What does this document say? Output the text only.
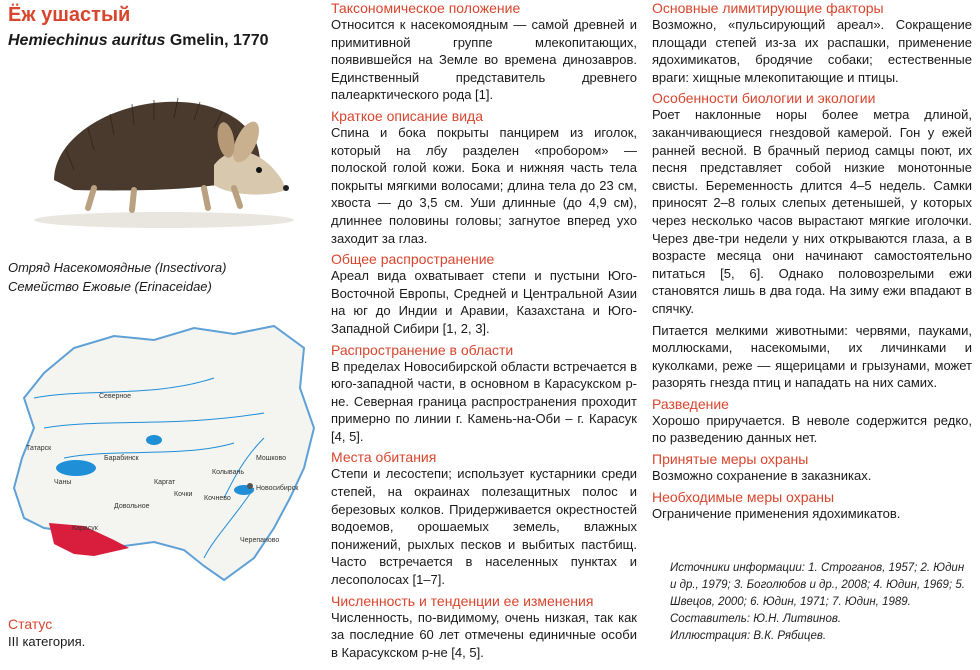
Ёж ушастый
Hemiechinus auritus Gmelin, 1770
Отряд Насекомоядные (Insectivora)
Семейство Ежовые (Erinaceidae)
Северное
Татарск
Барабинск
Колывань
Мошково
Новосибирск
Каргат
Кочки
Черепаново
Карасук
Чаны
Кочнево
Довольное
Статус
III категория.
Таксономическое положение
Относится к насекомоядным — самой древней и примитивной группе млекопитающих, появившейся на Земле во времена динозавров. Единственный представитель древнего палеарктического рода [1].
Краткое описание вида
Спина и бока покрыты панцирем из иголок, который на лбу разделен «пробором» — полоской голой кожи. Бока и нижняя часть тела покрыты мягкими волосами; длина тела до 23 см, хвоста — до 3,5 см. Уши длинные (до 4,9 см), длиннее половины головы; загнутое вперед ухо заходит за глаз.
Общее распространение
Ареал вида охватывает степи и пустыни Юго-Восточной Европы, Средней и Центральной Азии на юг до Индии и Аравии, Казахстана и Юго-Западной Сибири [1, 2, 3].
Распространение в области
В пределах Новосибирской области встречается в юго-западной части, в основном в Карасукском р-не. Северная граница распространения проходит примерно по линии г. Камень-на-Оби – г. Карасук [4, 5].
Места обитания
Степи и лесостепи; использует кустарники среди степей, на окраинах полезащитных полос и березовых колков. Придерживается окрестностей водоемов, орошаемых земель, влажных понижений, рыхлых песков и выбитых пастбищ. Часто встречается в населенных пунктах и лесополосах [1–7].
Численность и тенденции ее изменения
Численность, по-видимому, очень низкая, так как за последние 60 лет отмечены единичные особи в Карасукском р-не [4, 5].
Основные лимитирующие факторы
Возможно, «пульсирующий ареал». Сокращение площади степей из-за их распашки, применение ядохимикатов, бродячие собаки; естественные враги: хищные млекопитающие и птицы.
Особенности биологии и экологии
Роет наклонные норы более метра длиной, заканчивающиеся гнездовой камерой. Гон у ежей ранней весной. В брачный период самцы поют, их песня представляет собой низкие монотонные свисты. Беременность длится 4–5 недель. Самки приносят 2–8 голых слепых детенышей, у которых через несколько часов вырастают мягкие иголочки. Через две-три недели у них открываются глаза, а в возрасте месяца они начинают самостоятельно питаться [5, 6]. Однако половозрелыми ежи становятся лишь в два года. На зиму ежи впадают в спячку.
Питается мелкими животными: червями, пауками, моллюсками, насекомыми, их личинками и куколками, реже — ящерицами и грызунами, может разорять гнезда птиц и нападать на них самих.
Разведение
Хорошо приручается. В неволе содержится редко, по разведению данных нет.
Принятые меры охраны
Возможно сохранение в заказниках.
Необходимые меры охраны
Ограничение применения ядохимикатов.
Источники информации: 1. Строганов, 1957; 2. Юдин и др., 1979; 3. Боголюбов и др., 2008; 4. Юдин, 1969; 5. Швецов, 2000; 6. Юдин, 1971; 7. Юдин, 1989.
Составитель: Ю.Н. Литвинов.
Иллюстрация: В.К. Рябицев.
